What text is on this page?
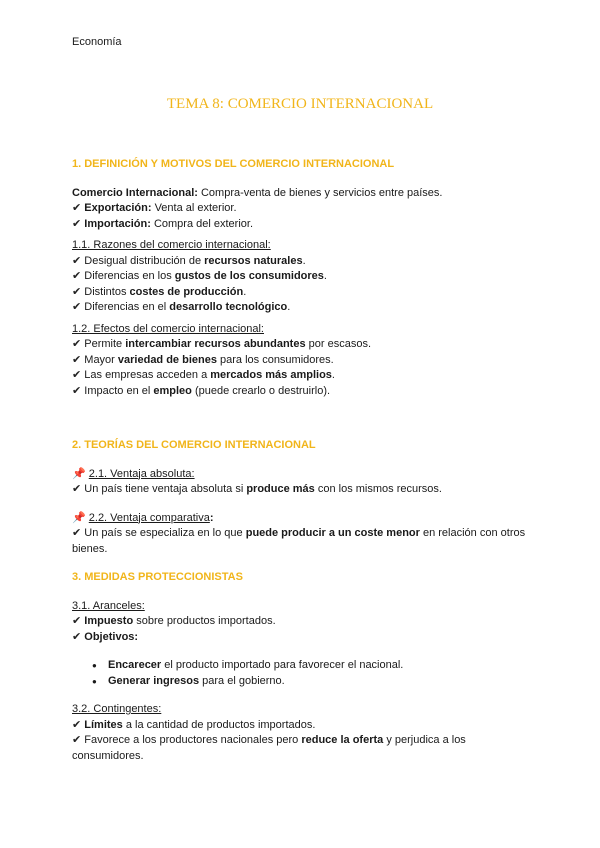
Economía
TEMA 8: COMERCIO INTERNACIONAL

1. DEFINICIÓN Y MOTIVOS DEL COMERCIO INTERNACIONAL

Comercio Internacional: Compra-venta de bienes y servicios entre países.

✔ Exportación: Venta al exterior.

✔ Importación: Compra del exterior.

1.1. Razones del comercio internacional:

✔ Desigual distribución de recursos naturales.

✔ Diferencias en los gustos de los consumidores.

✔ Distintos costes de producción.

✔ Diferencias en el desarrollo tecnológico.

1.2. Efectos del comercio internacional:

✔ Permite intercambiar recursos abundantes por escasos.

✔ Mayor variedad de bienes para los consumidores.

✔ Las empresas acceden a mercados más amplios.

✔ Impacto en el empleo (puede crearlo o destruirlo).

2. TEORÍAS DEL COMERCIO INTERNACIONAL

📌 2.1. Ventaja absoluta:

✔ Un país tiene ventaja absoluta si produce más con los mismos recursos.

📌 2.2. Ventaja comparativa:

✔ Un país se especializa en lo que puede producir a un coste menor en relación con otros bienes.

3. MEDIDAS PROTECCIONISTAS

3.1. Aranceles:

✔ Impuesto sobre productos importados.

✔ Objetivos:

● Encarecer el producto importado para favorecer el nacional.
● Generar ingresos para el gobierno.

3.2. Contingentes:

✔ Límites a la cantidad de productos importados.

✔ Favorece a los productores nacionales pero reduce la oferta y perjudica a los consumidores.
